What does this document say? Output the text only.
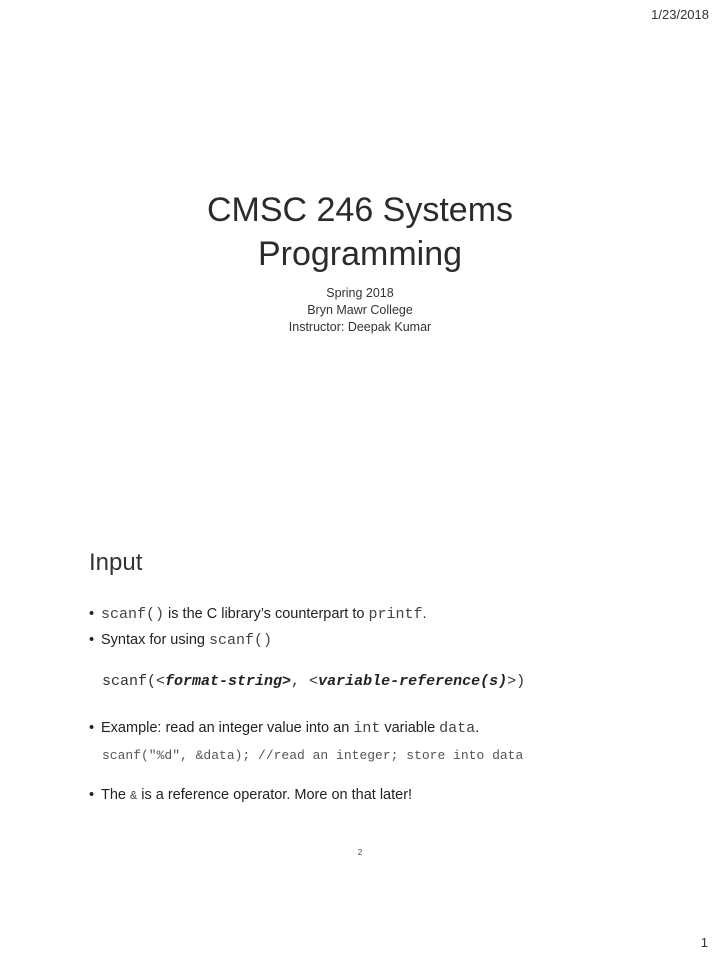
1/23/2018
CMSC 246 Systems
Programming
Spring 2018
Bryn Mawr College
Instructor: Deepak Kumar
Input
• scanf() is the C library’s counterpart to printf.
• Syntax for using scanf()
scanf(<format-string>, <variable-reference(s)>)
• Example: read an integer value into an int variable data.
scanf("%d", &data); //read an integer; store into data
• The & is a reference operator. More on that later!
2
1
